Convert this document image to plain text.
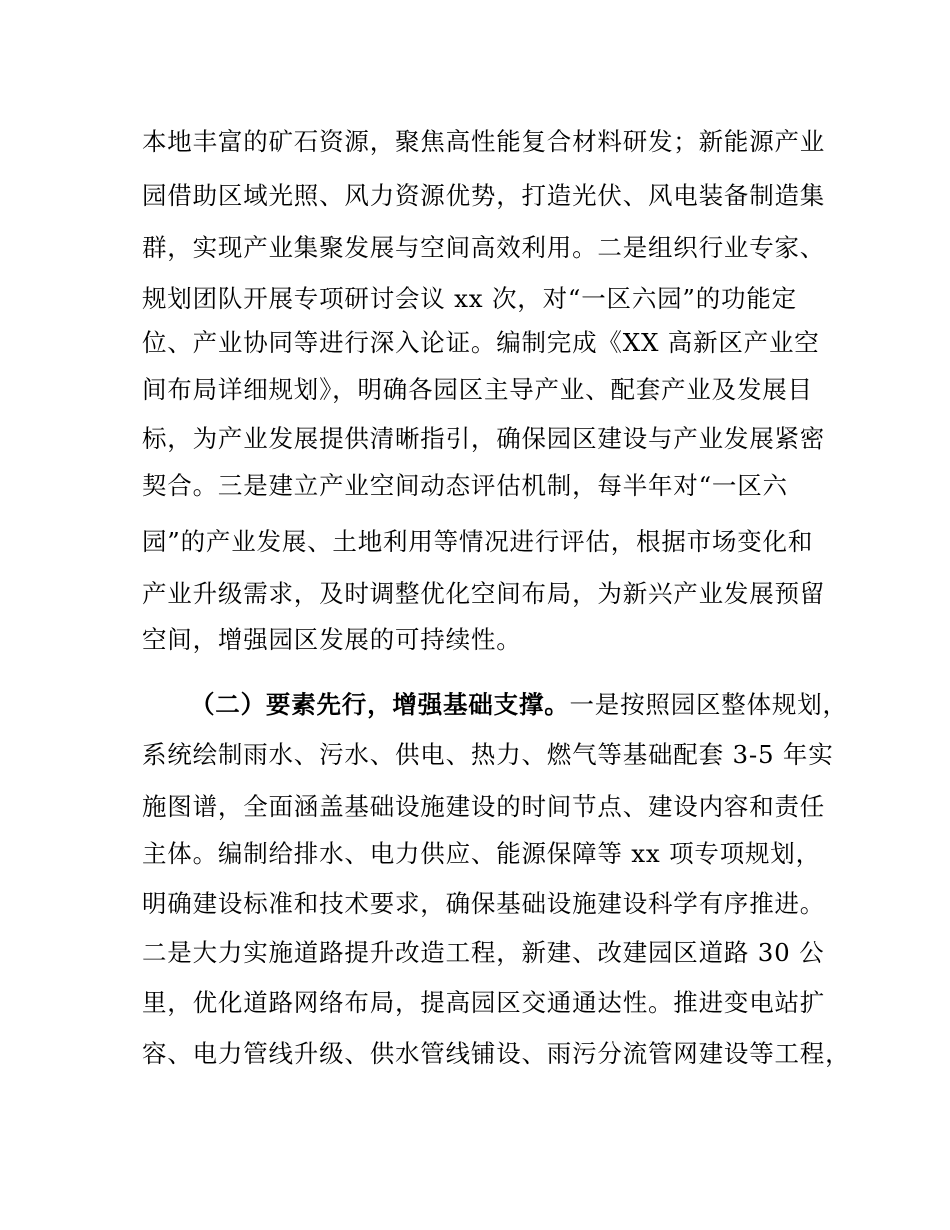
本地丰富的矿石资源，聚焦高性能复合材料研发；新能源产业
园借助区域光照、风力资源优势，打造光伏、风电装备制造集
群，实现产业集聚发展与空间高效利用。二是组织行业专家、
规划团队开展专项研讨会议 xx 次，对“一区六园”的功能定
位、产业协同等进行深入论证。编制完成《XX 高新区产业空
间布局详细规划》，明确各园区主导产业、配套产业及发展目
标，为产业发展提供清晰指引，确保园区建设与产业发展紧密
契合。三是建立产业空间动态评估机制，每半年对“一区六
园”的产业发展、土地利用等情况进行评估，根据市场变化和
产业升级需求，及时调整优化空间布局，为新兴产业发展预留
空间，增强园区发展的可持续性。
（二）要素先行，增强基础支撑。一是按照园区整体规划，
系统绘制雨水、污水、供电、热力、燃气等基础配套 3-5 年实
施图谱，全面涵盖基础设施建设的时间节点、建设内容和责任
主体。编制给排水、电力供应、能源保障等 xx 项专项规划，
明确建设标准和技术要求，确保基础设施建设科学有序推进。
二是大力实施道路提升改造工程，新建、改建园区道路 30 公
里，优化道路网络布局，提高园区交通通达性。推进变电站扩
容、电力管线升级、供水管线铺设、雨污分流管网建设等工程，
